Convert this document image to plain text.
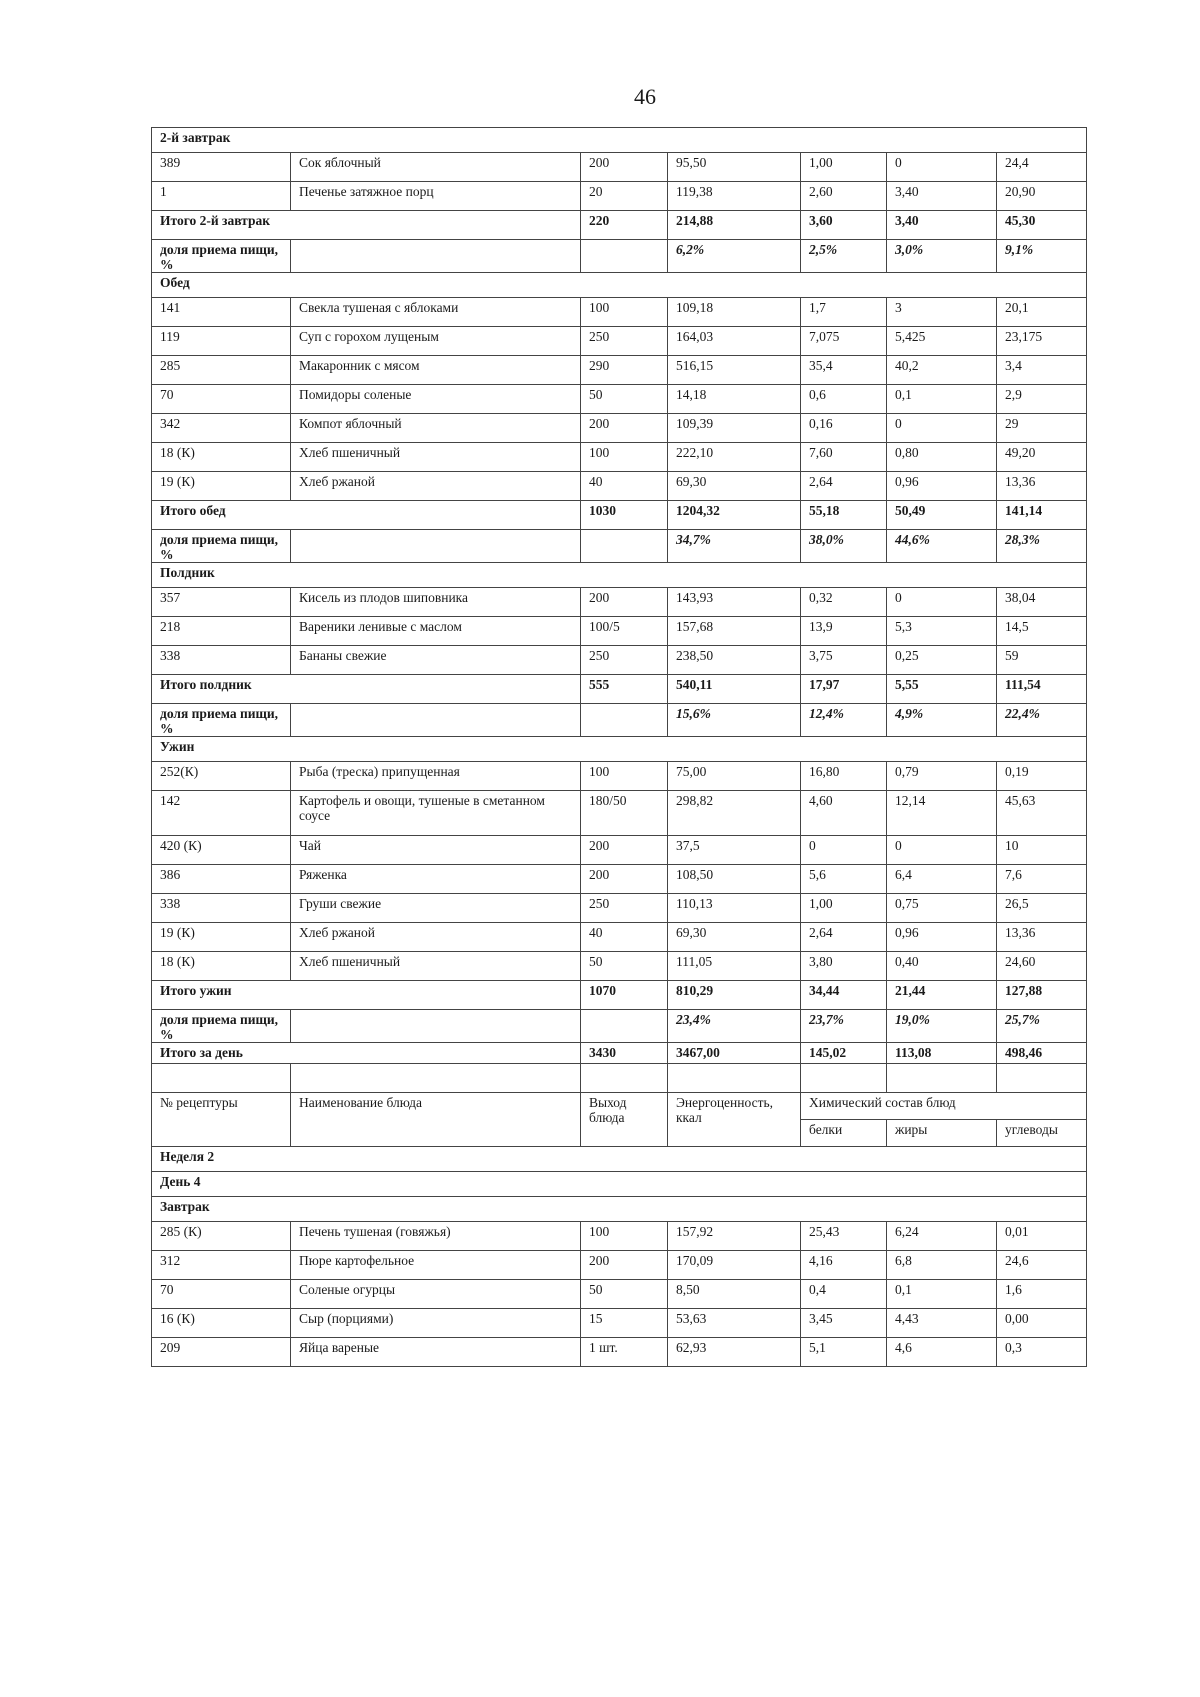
46
2-й завтрак						
389	Сок яблочный	200	95,50	1,00	0	24,4
1	Печенье затяжное порц	20	119,38	2,60	3,40	20,90
Итого 2-й завтрак		220	214,88	3,60	3,40	45,30
доля приема пищи, %			6,2%	2,5%	3,0%	9,1%
Обед						
141	Свекла тушеная с яблоками	100	109,18	1,7	3	20,1
119	Суп с горохом лущеным	250	164,03	7,075	5,425	23,175
285	Макаронник с мясом	290	516,15	35,4	40,2	3,4
70	Помидоры соленые	50	14,18	0,6	0,1	2,9
342	Компот яблочный	200	109,39	0,16	0	29
18 (К)	Хлеб пшеничный	100	222,10	7,60	0,80	49,20
19 (К)	Хлеб ржаной	40	69,30	2,64	0,96	13,36
Итого обед		1030	1204,32	55,18	50,49	141,14
доля приема пищи, %			34,7%	38,0%	44,6%	28,3%
Полдник						
357	Кисель из плодов шиповника	200	143,93	0,32	0	38,04
218	Вареники ленивые с маслом	100/5	157,68	13,9	5,3	14,5
338	Бананы свежие	250	238,50	3,75	0,25	59
Итого полдник		555	540,11	17,97	5,55	111,54
доля приема пищи, %			15,6%	12,4%	4,9%	22,4%
Ужин						
252(К)	Рыба (треска) припущенная	100	75,00	16,80	0,79	0,19
142	Картофель и овощи, тушеные в сметанном соусе	180/50	298,82	4,60	12,14	45,63
420 (К)	Чай	200	37,5	0	0	10
386	Ряженка	200	108,50	5,6	6,4	7,6
338	Груши свежие	250	110,13	1,00	0,75	26,5
19 (К)	Хлеб ржаной	40	69,30	2,64	0,96	13,36
18 (К)	Хлеб пшеничный	50	111,05	3,80	0,40	24,60
Итого ужин		1070	810,29	34,44	21,44	127,88
доля приема пищи, %			23,4%	23,7%	19,0%	25,7%
Итого за день		3430	3467,00	145,02	113,08	498,46

№ рецептуры	Наименование блюда	Выход блюда	Энергоценность, ккал	Химический состав блюд		
				белки	жиры	углеводы
Неделя 2						
День 4						
Завтрак						
285 (К)	Печень тушеная (говяжья)	100	157,92	25,43	6,24	0,01
312	Пюре картофельное	200	170,09	4,16	6,8	24,6
70	Соленые огурцы	50	8,50	0,4	0,1	1,6
16 (К)	Сыр (порциями)	15	53,63	3,45	4,43	0,00
209	Яйца вареные	1 шт.	62,93	5,1	4,6	0,3
